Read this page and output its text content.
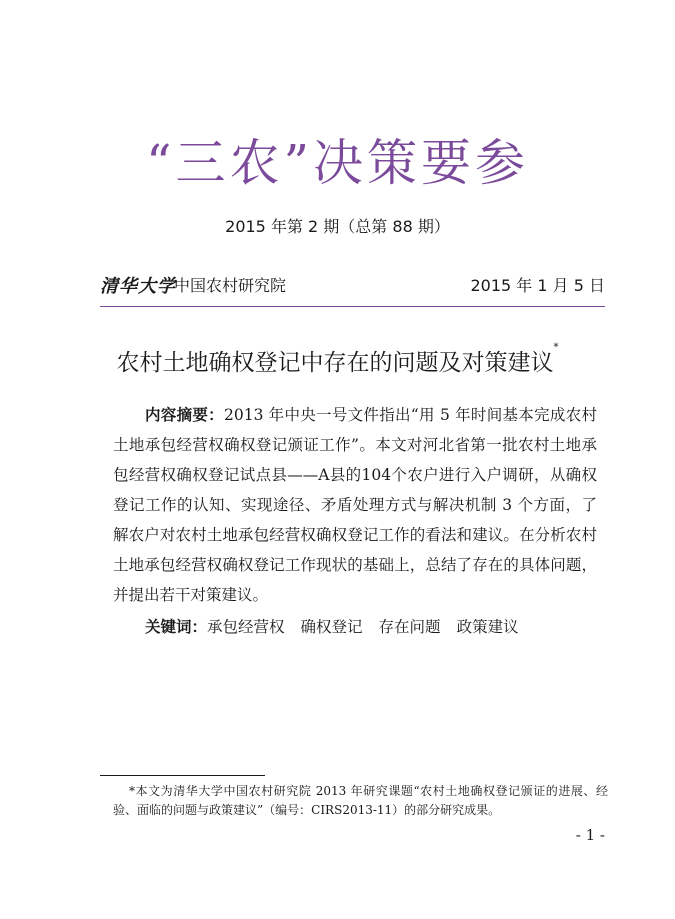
“三农”决策要参
2015 年第 2 期（总第 88 期）
清华大学
中国农村研究院	2015 年 1 月 5 日
农村土地确权登记中存在的问题及对策建议*

内容摘要：2013 年中央一号文件指出“用 5 年时间基本完成农村土地承包经营权确权登记颁证工作”。本文对河北省第一批农村土地承包经营权确权登记试点县——A县的104个农户进行入户调研，从确权登记工作的认知、实现途径、矛盾处理方式与解决机制 3 个方面，了解农户对农村土地承包经营权确权登记工作的看法和建议。在分析农村土地承包经营权确权登记工作现状的基础上，总结了存在的具体问题，并提出若干对策建议。

关键词：承包经营权 确权登记 存在问题 政策建议

*本文为清华大学中国农村研究院 2013 年研究课题“农村土地确权登记颁证的进展、经验、面临的问题与政策建议”（编号：CIRS2013-11）的部分研究成果。

- 1 -
